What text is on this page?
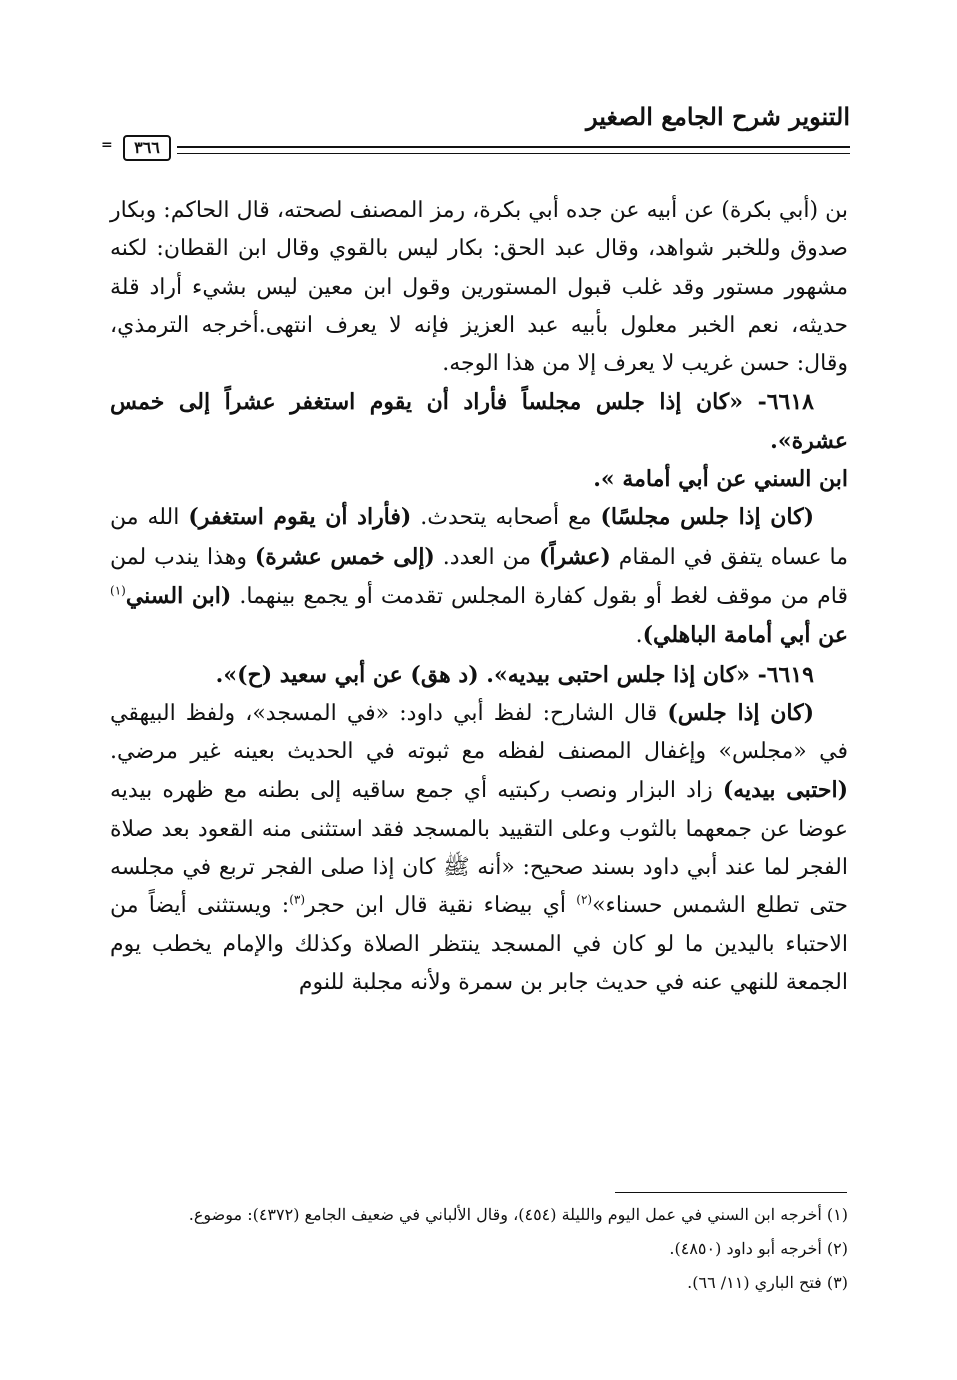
التنوير شرح الجامع الصغير
٣٦٦
=

بن (أبي بكرة) عن أبيه عن جده أبي بكرة، رمز المصنف لصحته، قال الحاكم: وبكار صدوق وللخبر شواهد، وقال عبد الحق: بكار ليس بالقوي وقال ابن القطان: لكنه مشهور مستور وقد غلب قبول المستورين وقول ابن معين ليس بشيء أراد قلة حديثه، نعم الخبر معلول بأبيه عبد العزيز فإنه لا يعرف انتهى.أخرجه الترمذي، وقال: حسن غريب لا يعرف إلا من هذا الوجه.

٦٦١٨- «كان إذا جلس مجلساً فأراد أن يقوم استغفر عشراً إلى خمس عشرة».

ابن السني عن أبي أمامة ».

(كان إذا جلس مجلسًا) مع أصحابه يتحدث. (فأراد أن يقوم استغفر) الله من ما عساه يتفق في المقام (عشراً) من العدد. (إلى خمس عشرة) وهذا يندب لمن قام من موقف لغط أو بقول كفارة المجلس تقدمت أو يجمع بينهما. (ابن السني$^{(١)}$ عن أبي أمامة الباهلي).

٦٦١٩- «كان إذا جلس احتبى بيديه». (د هق) عن أبي سعيد (ح)».

(كان إذا جلس) قال الشارح: لفظ أبي داود: «في المسجد»، ولفظ البيهقي في «مجلس» وإغفال المصنف لفظه مع ثبوته في الحديث بعينه غير مرضي. (احتبى بيديه) زاد البزار ونصب ركبتيه أي جمع ساقيه إلى بطنه مع ظهره بيديه عوضا عن جمعهما بالثوب وعلى التقييد بالمسجد فقد استثنى منه القعود بعد صلاة الفجر لما عند أبي داود بسند صحيح: «أنه ﷺ كان إذا صلى الفجر تربع في مجلسه حتى تطلع الشمس حسناء»$^{(٢)}$ أي بيضاء نقية قال ابن حجر$^{(٣)}$: ويستثنى أيضاً من الاحتباء باليدين ما لو كان في المسجد ينتظر الصلاة وكذلك والإمام يخطب يوم الجمعة للنهي عنه في حديث جابر بن سمرة ولأنه مجلبة للنوم

(١) أخرجه ابن السني في عمل اليوم والليلة (٤٥٤)، وقال الألباني في ضعيف الجامع (٤٣٧٢): موضوع.

(٢) أخرجه أبو داود (٤٨٥٠).

(٣) فتح الباري (١١/ ٦٦).
